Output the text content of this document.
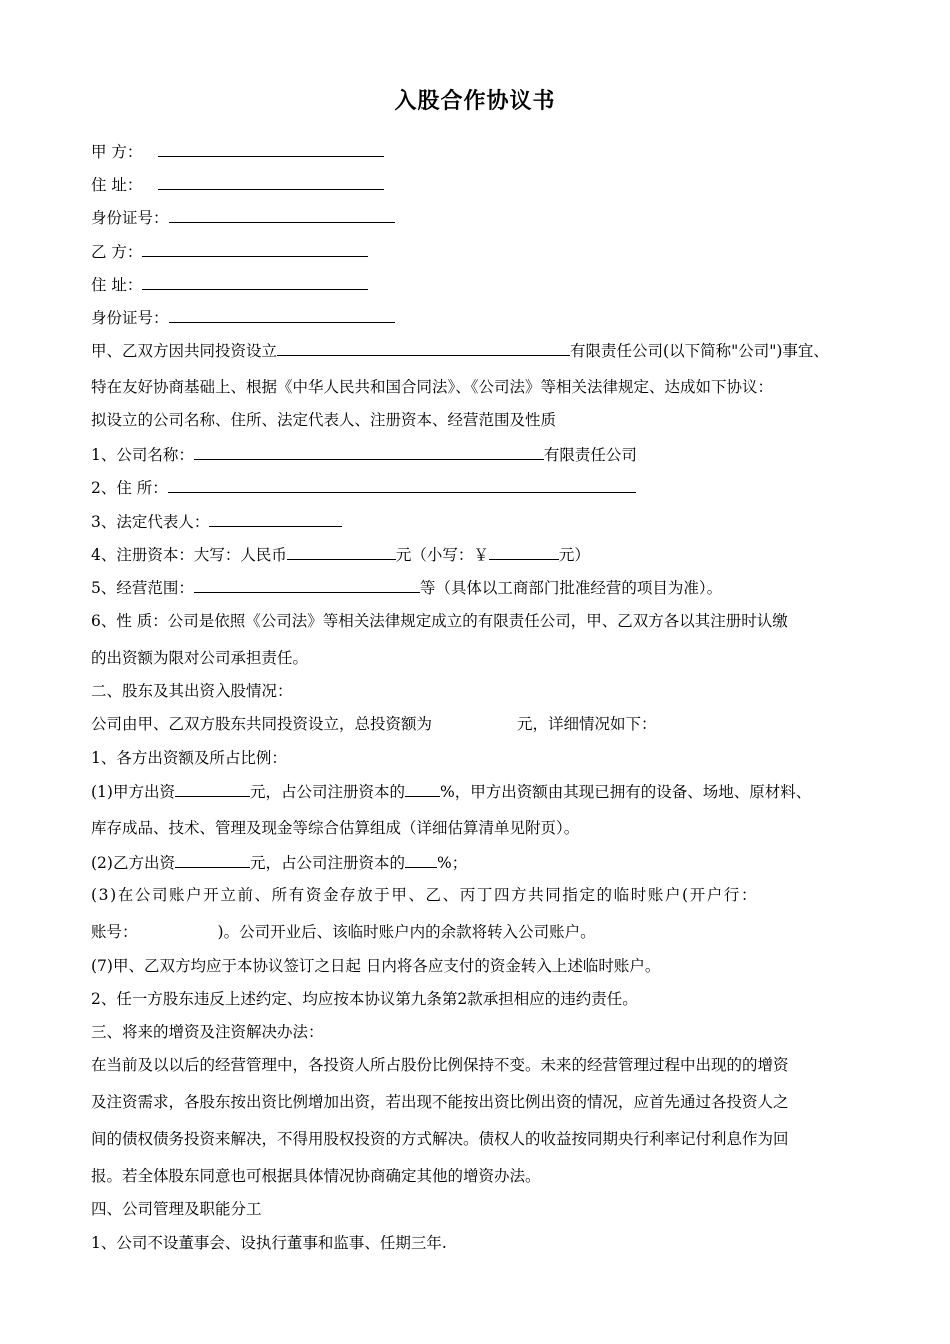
入股合作协议书
甲 方：
住 址：
身份证号：
乙 方：
住 址：
身份证号：
甲、乙双方因共同投资设立	有限责任公司(以下简称"公司")事宜、
特在友好协商基础上、根据《中华人民共和国合同法》、《公司法》等相关法律规定、达成如下协议：
拟设立的公司名称、住所、法定代表人、注册资本、经营范围及性质
1、公司名称：	有限责任公司
2、住 所：
3、法定代表人：
4、注册资本：大写：人民币	元（小写：￥	元）
5、经营范围：	等（具体以工商部门批准经营的项目为准）。
6、性 质：公司是依照《公司法》等相关法律规定成立的有限责任公司，甲、乙双方各以其注册时认缴
的出资额为限对公司承担责任。
二、股东及其出资入股情况：
公司由甲、乙双方股东共同投资设立，总投资额为	元，详细情况如下：
1、各方出资额及所占比例：
(1)甲方出资	元，占公司注册资本的 %，甲方出资额由其现已拥有的设备、场地、原材料、
库存成品、技术、管理及现金等综合估算组成（详细估算清单见附页）。
(2)乙方出资	元，占公司注册资本的 %；
(3)在公司账户开立前、所有资金存放于甲、乙、丙丁四方共同指定的临时账户(开户行：
账号：	)。公司开业后、该临时账户内的余款将转入公司账户。
(7)甲、乙双方均应于本协议签订之日起 日内将各应支付的资金转入上述临时账户。
2、任一方股东违反上述约定、均应按本协议第九条第2款承担相应的违约责任。
三、将来的增资及注资解决办法：
在当前及以以后的经营管理中，各投资人所占股份比例保持不变。未来的经营管理过程中出现的的增资
及注资需求，各股东按出资比例增加出资，若出现不能按出资比例出资的情况，应首先通过各投资人之
间的债权债务投资来解决，不得用股权投资的方式解决。债权人的收益按同期央行利率记付利息作为回
报。若全体股东同意也可根据具体情况协商确定其他的增资办法。
四、公司管理及职能分工
1、公司不设董事会、设执行董事和监事、任期三年.
